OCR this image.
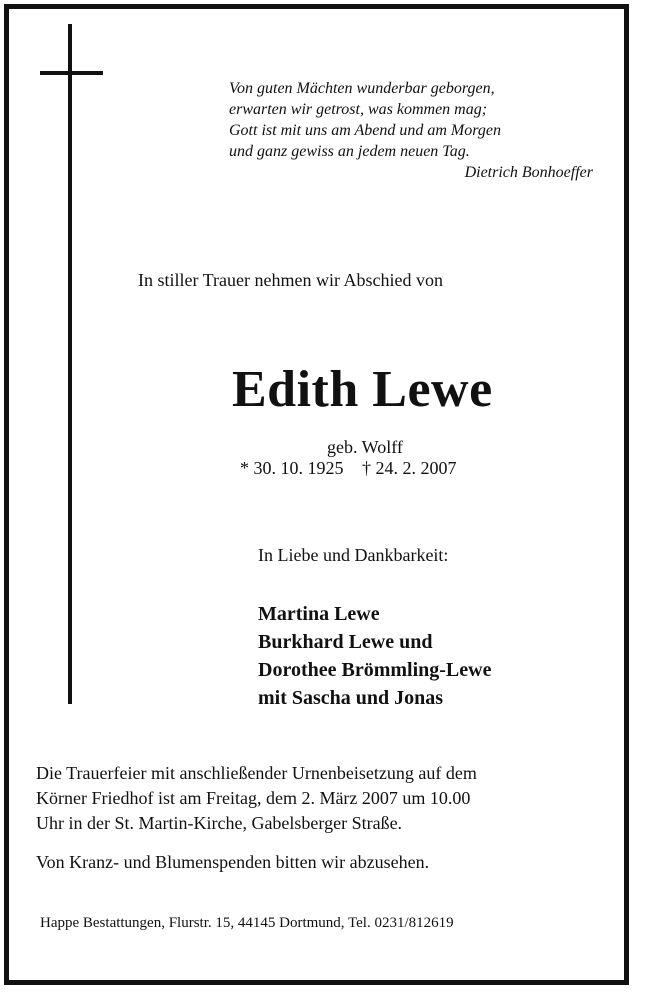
Von guten Mächten wunderbar geborgen,
erwarten wir getrost, was kommen mag;
Gott ist mit uns am Abend und am Morgen
und ganz gewiss an jedem neuen Tag.
Dietrich Bonhoeffer
In stiller Trauer nehmen wir Abschied von
Edith Lewe
geb. Wolff
* 30. 10. 1925 † 24. 2. 2007
In Liebe und Dankbarkeit:
Martina Lewe
Burkhard Lewe und
Dorothee Brömmling-Lewe
mit Sascha und Jonas
Die Trauerfeier mit anschließender Urnenbeisetzung auf dem
Körner Friedhof ist am Freitag, dem 2. März 2007 um 10.00
Uhr in der St. Martin-Kirche, Gabelsberger Straße.
Von Kranz- und Blumenspenden bitten wir abzusehen.
Happe Bestattungen, Flurstr. 15, 44145 Dortmund, Tel. 0231/812619
